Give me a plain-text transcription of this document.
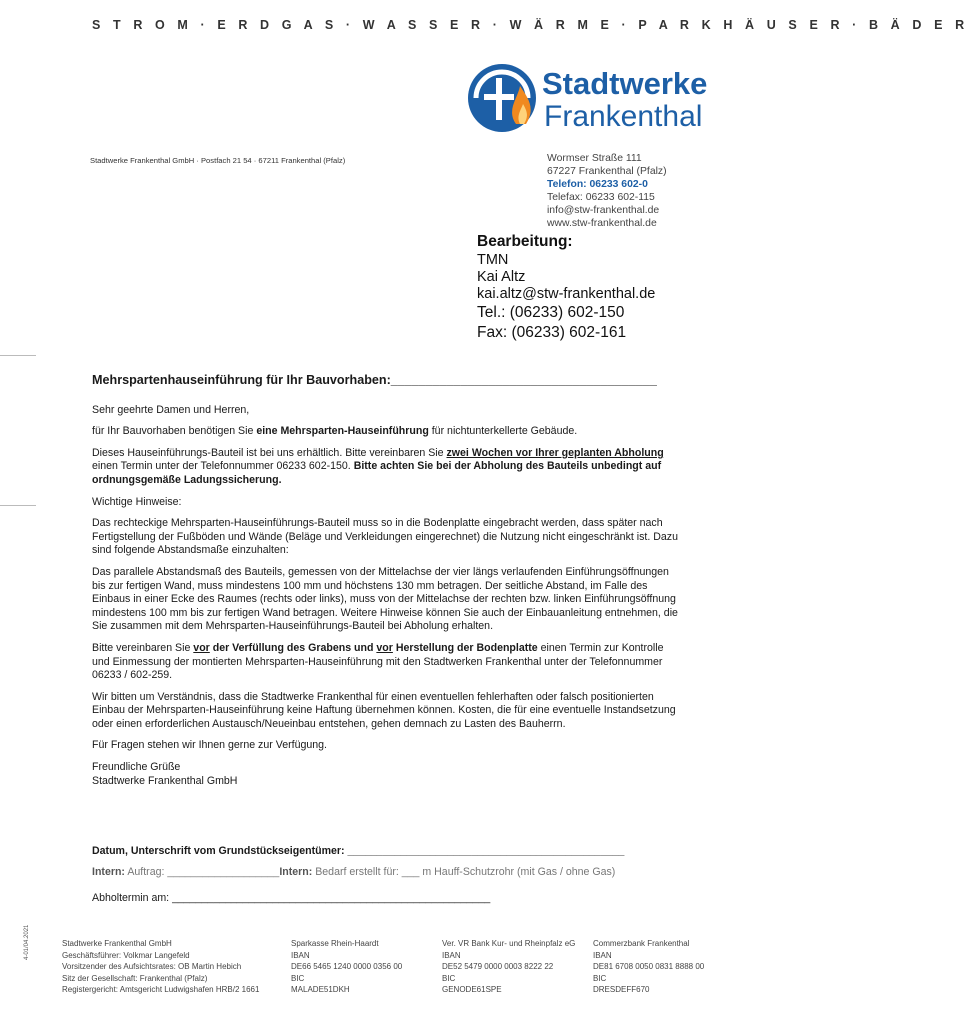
S T R O M · E R D G A S · W A S S E R · W Ä R M E · P A R K H Ä U S E R · B Ä D E R
Stadtwerke
Frankenthal
Stadtwerke Frankenthal GmbH · Postfach 21 54 · 67211 Frankenthal (Pfalz)	Wormser Straße 111
67227 Frankenthal (Pfalz)
Telefon: 06233 602-0
Telefax: 06233 602-115
info@stw-frankenthal.de
www.stw-frankenthal.de
Bearbeitung:
TMN
Kai Altz
kai.altz@stw-frankenthal.de
Tel.: (06233) 602-150
Fax: (06233) 602-161

Mehrspartenhauseinführung für Ihr Bauvorhaben:______________________________________

Sehr geehrte Damen und Herren,

für Ihr Bauvorhaben benötigen Sie eine Mehrsparten-Hauseinführung für nichtunterkellerte Gebäude.

Dieses Hauseinführungs-Bauteil ist bei uns erhältlich. Bitte vereinbaren Sie zwei Wochen vor Ihrer geplanten Abholung einen Termin unter der Telefonnummer 06233 602-150. Bitte achten Sie bei der Abholung des Bauteils unbedingt auf ordnungsgemäße Ladungssicherung.

Wichtige Hinweise:

Das rechteckige Mehrsparten-Hauseinführungs-Bauteil muss so in die Bodenplatte eingebracht werden, dass später nach Fertigstellung der Fußböden und Wände (Beläge und Verkleidungen eingerechnet) die Nutzung nicht eingeschränkt ist. Dazu sind folgende Abstandsmaße einzuhalten:

Das parallele Abstandsmaß des Bauteils, gemessen von der Mittelachse der vier längs verlaufenden Einführungsöffnungen bis zur fertigen Wand, muss mindestens 100 mm und höchstens 130 mm betragen. Der seitliche Abstand, im Falle des Einbaus in einer Ecke des Raumes (rechts oder links), muss von der Mittelachse der rechten bzw. linken Einführungsöffnung mindestens 100 mm bis zur fertigen Wand betragen. Weitere Hinweise können Sie auch der Einbauanleitung entnehmen, die Sie zusammen mit dem Mehrsparten-Hauseinführungs-Bauteil bei Abholung erhalten.

Bitte vereinbaren Sie vor der Verfüllung des Grabens und vor Herstellung der Bodenplatte einen Termin zur Kontrolle und Einmessung der montierten Mehrsparten-Hauseinführung mit den Stadtwerken Frankenthal unter der Telefonnummer 06233 / 602-259.

Wir bitten um Verständnis, dass die Stadtwerke Frankenthal für einen eventuellen fehlerhaften oder falsch positionierten Einbau der Mehrsparten-Hauseinführung keine Haftung übernehmen können. Kosten, die für eine eventuelle Instandsetzung oder einen erforderlichen Austausch/Neueinbau entstehen, gehen demnach zu Lasten des Bauherrn.

Für Fragen stehen wir Ihnen gerne zur Verfügung.

Freundliche Grüße

Stadtwerke Frankenthal GmbH

Datum, Unterschrift vom Grundstückseigentümer: _______________________________________________
Intern: Auftrag: ___________________Intern: Bedarf erstellt für: ___ m Hauff-Schutzrohr (mit Gas / ohne Gas)
Abholtermin am: ______________________________________________________
4-01/04.2021	Stadtwerke Frankenthal GmbH
Geschäftsführer: Volkmar Langefeld
Vorsitzender des Aufsichtsrates: OB Martin Hebich
Sitz der Gesellschaft: Frankenthal (Pfalz)
Registergericht: Amtsgericht Ludwigshafen HRB/2 1661
Sparkasse Rhein-Haardt
IBAN
DE66 5465 1240 0000 0356 00
BIC
MALADE51DKH
Ver. VR Bank Kur- und Rheinpfalz eG
IBAN
DE52 5479 0000 0003 8222 22
BIC
GENODE61SPE
Commerzbank Frankenthal
IBAN
DE81 6708 0050 0831 8888 00
BIC
DRESDEFF670
